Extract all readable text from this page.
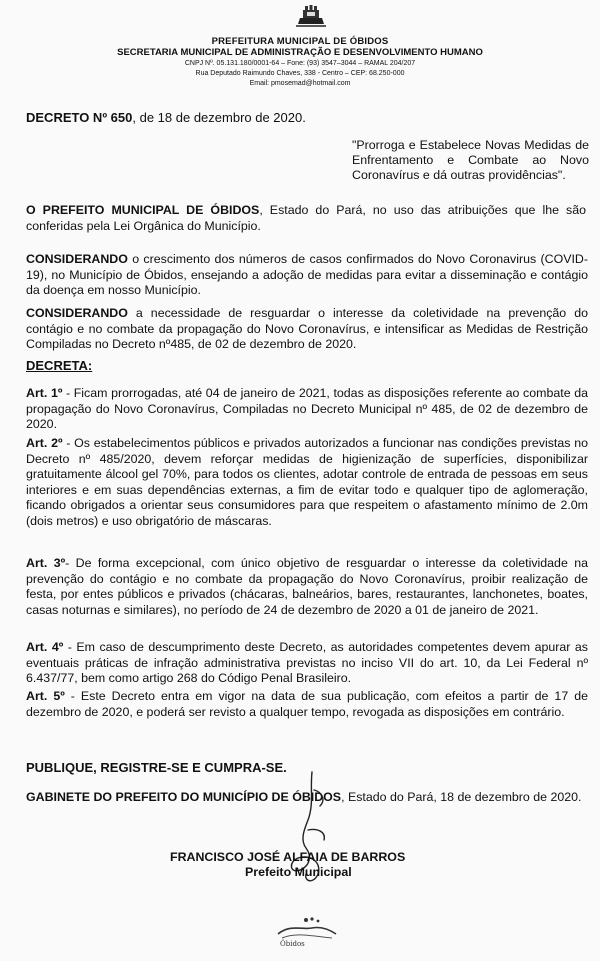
PREFEITURA MUNICIPAL DE ÓBIDOS
SECRETARIA MUNICIPAL DE ADMINISTRAÇÃO E DESENVOLVIMENTO HUMANO
CNPJ Nº. 05.131.180/0001-64 – Fone: (93) 3547–3044 – RAMAL 204/207
Rua Deputado Raimundo Chaves, 338 - Centro – CEP: 68.250-000
Email: pmosemad@hotmail.com
DECRETO Nº 650, de 18 de dezembro de 2020.
"Prorroga e Estabelece Novas Medidas de Enfrentamento e Combate ao Novo Coronavírus e dá outras providências".
O PREFEITO MUNICIPAL DE ÓBIDOS, Estado do Pará, no uso das atribuições que lhe são conferidas pela Lei Orgânica do Município.
CONSIDERANDO o crescimento dos números de casos confirmados do Novo Coronavirus (COVID-19), no Município de Óbidos, ensejando a adoção de medidas para evitar a disseminação e contágio da doença em nosso Município.
CONSIDERANDO a necessidade de resguardar o interesse da coletividade na prevenção do contágio e no combate da propagação do Novo Coronavírus, e intensificar as Medidas de Restrição Compiladas no Decreto nº485, de 02 de dezembro de 2020.
DECRETA:
Art. 1º - Ficam prorrogadas, até 04 de janeiro de 2021, todas as disposições referente ao combate da propagação do Novo Coronavírus, Compiladas no Decreto Municipal nº 485, de 02 de dezembro de 2020.
Art. 2º - Os estabelecimentos públicos e privados autorizados a funcionar nas condições previstas no Decreto nº 485/2020, devem reforçar medidas de higienização de superfícies, disponibilizar gratuitamente álcool gel 70%, para todos os clientes, adotar controle de entrada de pessoas em seus interiores e em suas dependências externas, a fim de evitar todo e qualquer tipo de aglomeração, ficando obrigados a orientar seus consumidores para que respeitem o afastamento mínimo de 2.0m (dois metros) e uso obrigatório de máscaras.
Art. 3º- De forma excepcional, com único objetivo de resguardar o interesse da coletividade na prevenção do contágio e no combate da propagação do Novo Coronavírus, proibir realização de festa, por entes públicos e privados (chácaras, balneários, bares, restaurantes, lanchonetes, boates, casas noturnas e similares), no período de 24 de dezembro de 2020 a 01 de janeiro de 2021.
Art. 4º - Em caso de descumprimento deste Decreto, as autoridades competentes devem apurar as eventuais práticas de infração administrativa previstas no inciso VII do art. 10, da Lei Federal nº 6.437/77, bem como artigo 268 do Código Penal Brasileiro.
Art. 5º - Este Decreto entra em vigor na data de sua publicação, com efeitos a partir de 17 de dezembro de 2020, e poderá ser revisto a qualquer tempo, revogada as disposições em contrário.
PUBLIQUE, REGISTRE-SE E CUMPRA-SE.
GABINETE DO PREFEITO DO MUNICÍPIO DE ÓBIDOS, Estado do Pará, 18 de dezembro de 2020.
FRANCISCO JOSÉ ALFAIA DE BARROS
Prefeito Municipal
Óbidos
